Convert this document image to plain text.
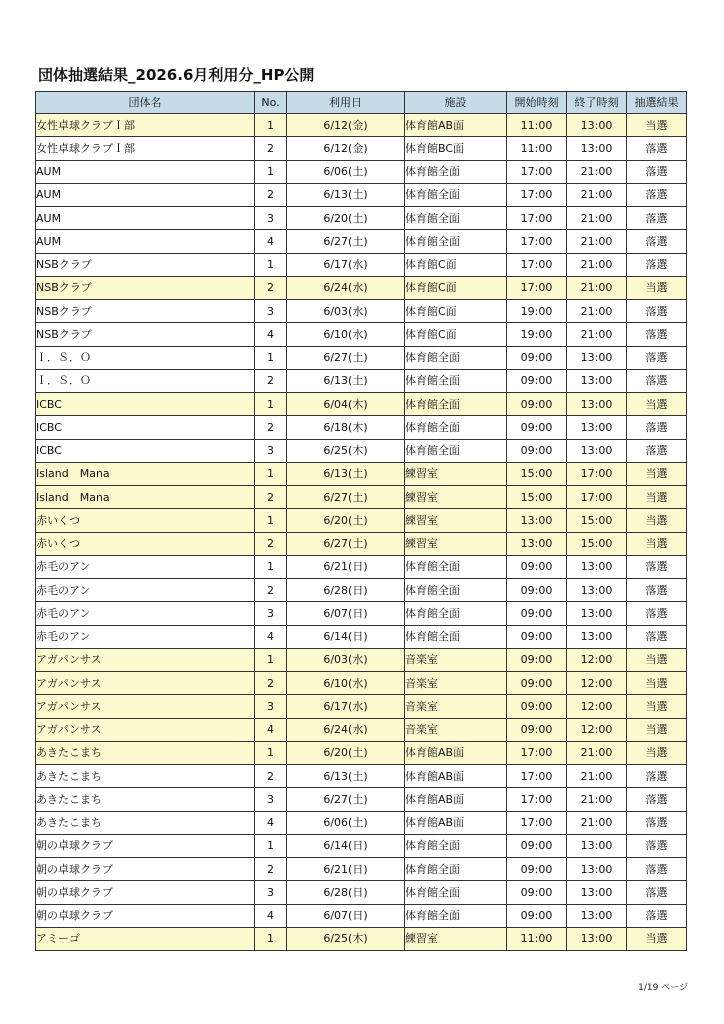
団体抽選結果_2026.6月利用分_HP公開
団体名	No.	利用日	施設	開始時刻	終了時刻	抽選結果
女性卓球クラブＩ部	1	6/12(金)	体育館AB面	11:00	13:00	当選
女性卓球クラブＩ部	2	6/12(金)	体育館BC面	11:00	13:00	落選
AUM	1	6/06(土)	体育館全面	17:00	21:00	落選
AUM	2	6/13(土)	体育館全面	17:00	21:00	落選
AUM	3	6/20(土)	体育館全面	17:00	21:00	落選
AUM	4	6/27(土)	体育館全面	17:00	21:00	落選
NSBクラブ	1	6/17(水)	体育館C面	17:00	21:00	落選
NSBクラブ	2	6/24(水)	体育館C面	17:00	21:00	当選
NSBクラブ	3	6/03(水)	体育館C面	19:00	21:00	落選
NSBクラブ	4	6/10(水)	体育館C面	19:00	21:00	落選
Ｉ．Ｓ．Ｏ	1	6/27(土)	体育館全面	09:00	13:00	落選
Ｉ．Ｓ．Ｏ	2	6/13(土)	体育館全面	09:00	13:00	落選
ICBC	1	6/04(木)	体育館全面	09:00	13:00	当選
ICBC	2	6/18(木)	体育館全面	09:00	13:00	落選
ICBC	3	6/25(木)	体育館全面	09:00	13:00	落選
Island　Mana	1	6/13(土)	練習室	15:00	17:00	当選
Island　Mana	2	6/27(土)	練習室	15:00	17:00	当選
赤いくつ	1	6/20(土)	練習室	13:00	15:00	当選
赤いくつ	2	6/27(土)	練習室	13:00	15:00	当選
赤毛のアン	1	6/21(日)	体育館全面	09:00	13:00	落選
赤毛のアン	2	6/28(日)	体育館全面	09:00	13:00	落選
赤毛のアン	3	6/07(日)	体育館全面	09:00	13:00	落選
赤毛のアン	4	6/14(日)	体育館全面	09:00	13:00	落選
アガパンサス	1	6/03(水)	音楽室	09:00	12:00	当選
アガパンサス	2	6/10(水)	音楽室	09:00	12:00	当選
アガパンサス	3	6/17(水)	音楽室	09:00	12:00	当選
アガパンサス	4	6/24(水)	音楽室	09:00	12:00	当選
あきたこまち	1	6/20(土)	体育館AB面	17:00	21:00	当選
あきたこまち	2	6/13(土)	体育館AB面	17:00	21:00	落選
あきたこまち	3	6/27(土)	体育館AB面	17:00	21:00	落選
あきたこまち	4	6/06(土)	体育館AB面	17:00	21:00	落選
朝の卓球クラブ	1	6/14(日)	体育館全面	09:00	13:00	落選
朝の卓球クラブ	2	6/21(日)	体育館全面	09:00	13:00	落選
朝の卓球クラブ	3	6/28(日)	体育館全面	09:00	13:00	落選
朝の卓球クラブ	4	6/07(日)	体育館全面	09:00	13:00	落選
アミーゴ	1	6/25(木)	練習室	11:00	13:00	当選
1/19 ページ
